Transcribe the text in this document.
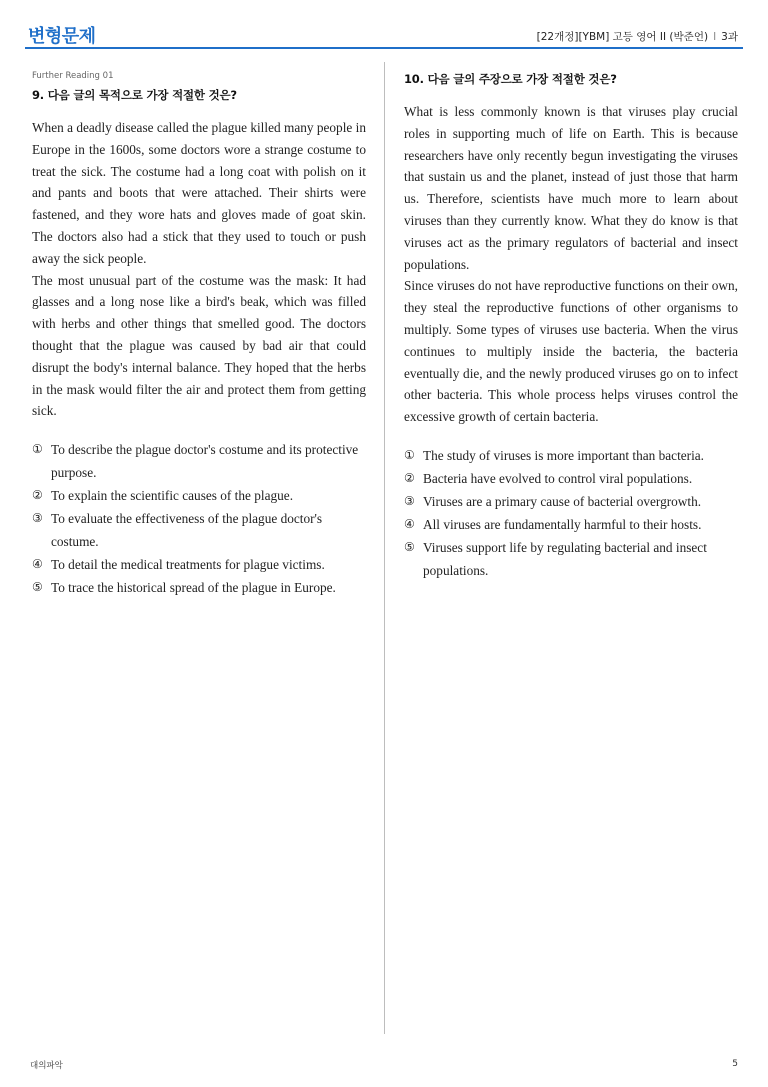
변형문제	[22개정][YBM] 고등 영어 II (박준언) I 3과
Further Reading 01
9. 다음 글의 목적으로 가장 적절한 것은?

When a deadly disease called the plague killed many people in Europe in the 1600s, some doctors wore a strange costume to treat the sick. The costume had a long coat with polish on it and pants and boots that were attached. Their shirts were fastened, and they wore hats and gloves made of goat skin. The doctors also had a stick that they used to touch or push away the sick people.

The most unusual part of the costume was the mask: It had glasses and a long nose like a bird's beak, which was filled with herbs and other things that smelled good. The doctors thought that the plague was caused by bad air that could disrupt the body's internal balance. They hoped that the herbs in the mask would filter the air and protect them from getting sick.

① To describe the plague doctor's costume and its protective purpose.
② To explain the scientific causes of the plague.
③ To evaluate the effectiveness of the plague doctor's costume.
④ To detail the medical treatments for plague victims.
⑤ To trace the historical spread of the plague in Europe.
10. 다음 글의 주장으로 가장 적절한 것은?

What is less commonly known is that viruses play crucial roles in supporting much of life on Earth. This is because researchers have only recently begun investigating the viruses that sustain us and the planet, instead of just those that harm us. Therefore, scientists have much more to learn about viruses than they currently know. What they do know is that viruses act as the primary regulators of bacterial and insect populations.

Since viruses do not have reproductive functions on their own, they steal the reproductive functions of other organisms to multiply. Some types of viruses use bacteria. When the virus continues to multiply inside the bacteria, the bacteria eventually die, and the newly produced viruses go on to infect other bacteria. This whole process helps viruses control the excessive growth of certain bacteria.

① The study of viruses is more important than bacteria.
② Bacteria have evolved to control viral populations.
③ Viruses are a primary cause of bacterial overgrowth.
④ All viruses are fundamentally harmful to their hosts.
⑤ Viruses support life by regulating bacterial and insect populations.
대의파악	5
